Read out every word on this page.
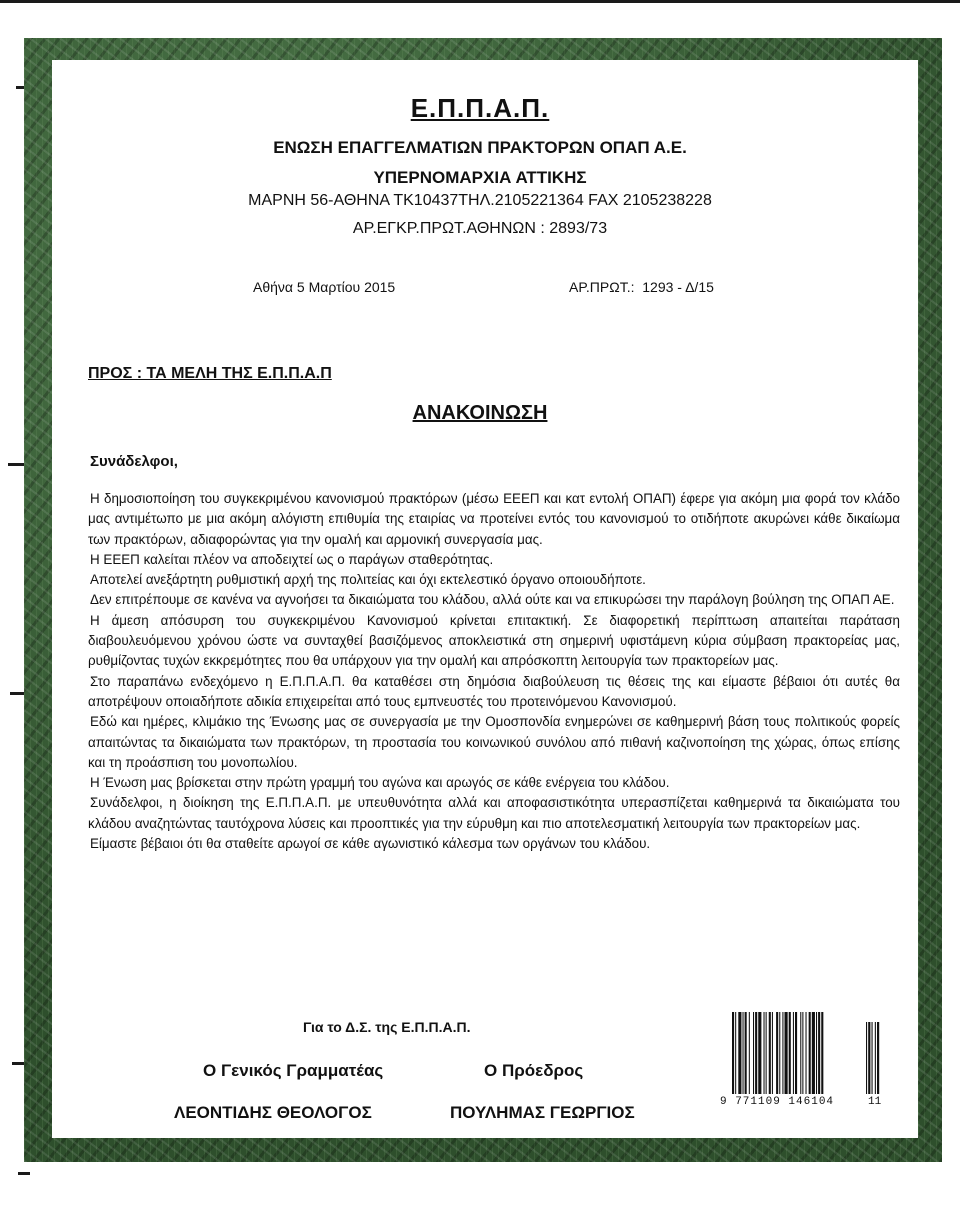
Ε.Π.Π.Α.Π.
ΕΝΩΣΗ ΕΠΑΓΓΕΛΜΑΤΙΩΝ ΠΡΑΚΤΟΡΩΝ ΟΠΑΠ Α.Ε.
ΥΠΕΡΝΟΜΑΡΧΙΑ ΑΤΤΙΚΗΣ
ΜΑΡΝΗ 56-ΑΘΗΝΑ ΤΚ10437ΤΗΛ.2105221364 FAX 2105238228
ΑΡ.ΕΓΚΡ.ΠΡΩΤ.ΑΘΗΝΩΝ : 2893/73
Αθήνα 5 Μαρτίου 2015	ΑΡ.ΠΡΩΤ.: 1293 - Δ/15
ΠΡΟΣ : ΤΑ ΜΕΛΗ ΤΗΣ Ε.Π.Π.Α.Π
ΑΝΑΚΟΙΝΩΣΗ
Συνάδελφοι,

Η δημοσιοποίηση του συγκεκριμένου κανονισμού πρακτόρων (μέσω ΕΕΕΠ και κατ εντολή ΟΠΑΠ) έφερε για ακόμη μια φορά τον κλάδο μας αντιμέτωπο με μια ακόμη αλόγιστη επιθυμία της εταιρίας να προτείνει εντός του κανονισμού το οτιδήποτε ακυρώνει κάθε δικαίωμα των πρακτόρων, αδιαφορώντας για την ομαλή και αρμονική συνεργασία μας.

Η ΕΕΕΠ καλείται πλέον να αποδειχτεί ως ο παράγων σταθερότητας.

Αποτελεί ανεξάρτητη ρυθμιστική αρχή της πολιτείας και όχι εκτελεστικό όργανο οποιουδήποτε.

Δεν επιτρέπουμε σε κανένα να αγνοήσει τα δικαιώματα του κλάδου, αλλά ούτε και να επικυρώσει την παράλογη βούληση της ΟΠΑΠ ΑΕ.

Η άμεση απόσυρση του συγκεκριμένου Κανονισμού κρίνεται επιτακτική. Σε διαφορετική περίπτωση απαιτείται παράταση διαβουλευόμενου χρόνου ώστε να συνταχθεί βασιζόμενος αποκλειστικά στη σημερινή υφιστάμενη κύρια σύμβαση πρακτορείας μας, ρυθμίζοντας τυχών εκκρεμότητες που θα υπάρχουν για την ομαλή και απρόσκοπτη λειτουργία των πρακτορείων μας.

Στο παραπάνω ενδεχόμενο η Ε.Π.Π.Α.Π. θα καταθέσει στη δημόσια διαβούλευση τις θέσεις της και είμαστε βέβαιοι ότι αυτές θα αποτρέψουν οποιαδήποτε αδικία επιχειρείται από τους εμπνευστές του προτεινόμενου Κανονισμού.

Εδώ και ημέρες, κλιμάκιο της Ένωσης μας σε συνεργασία με την Ομοσπονδία ενημερώνει σε καθημερινή βάση τους πολιτικούς φορείς απαιτώντας τα δικαιώματα των πρακτόρων, τη προστασία του κοινωνικού συνόλου από πιθανή καζινοποίηση της χώρας, όπως επίσης και τη προάσπιση του μονοπωλίου.

Η Ένωση μας βρίσκεται στην πρώτη γραμμή του αγώνα και αρωγός σε κάθε ενέργεια του κλάδου.

Συνάδελφοι, η διοίκηση της Ε.Π.Π.Α.Π. με υπευθυνότητα αλλά και αποφασιστικότητα υπερασπίζεται καθημερινά τα δικαιώματα του κλάδου αναζητώντας ταυτόχρονα λύσεις και προοπτικές για την εύρυθμη και πιο αποτελεσματική λειτουργία των πρακτορείων μας.

Είμαστε βέβαιοι ότι θα σταθείτε αρωγοί σε κάθε αγωνιστικό κάλεσμα των οργάνων του κλάδου.

Για το Δ.Σ. της Ε.Π.Π.Α.Π.
Ο Γενικός Γραμματέας	Ο Πρόεδρος
ΛΕΟΝΤΙΔΗΣ ΘΕΟΛΟΓΟΣ	ΠΟΥΛΗΜΑΣ ΓΕΩΡΓΙΟΣ
9 771109 146104	11
